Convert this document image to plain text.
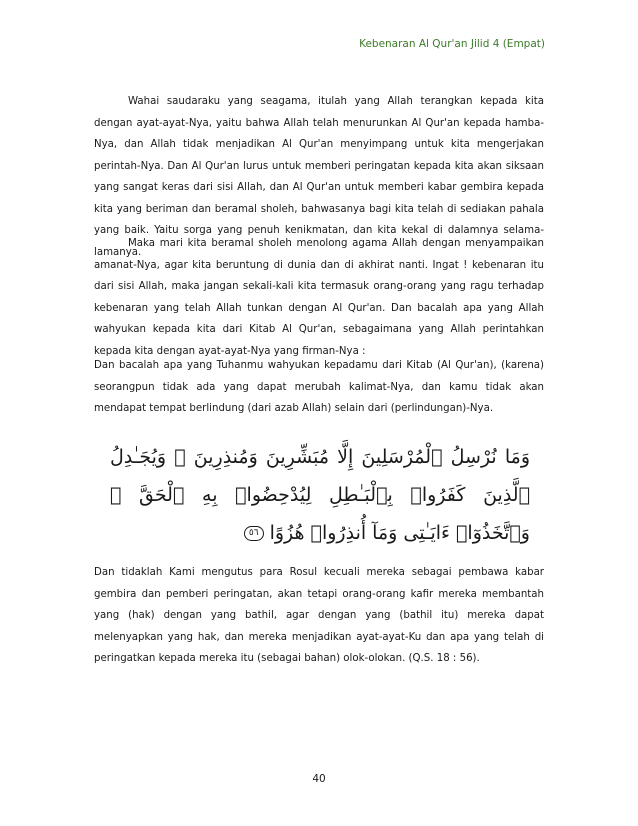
Kebenaran Al Qur'an Jilid 4 (Empat)

Wahai saudaraku yang seagama, itulah yang Allah terangkan kepada kita dengan ayat-ayat-Nya, yaitu bahwa Allah telah menurunkan Al Qur'an kepada hamba-Nya, dan Allah tidak menjadikan Al Qur'an menyimpang untuk kita mengerjakan perintah-Nya. Dan Al Qur'an lurus untuk memberi peringatan kepada kita akan siksaan yang sangat keras dari sisi Allah, dan Al Qur'an untuk memberi kabar gembira kepada kita yang beriman dan beramal sholeh, bahwasanya bagi kita telah di sediakan pahala yang baik. Yaitu sorga yang penuh kenikmatan, dan kita kekal di dalamnya selama-lamanya.

Maka mari kita beramal sholeh menolong agama Allah dengan menyampaikan amanat-Nya, agar kita beruntung di dunia dan di akhirat nanti. Ingat ! kebenaran itu dari sisi Allah, maka jangan sekali-kali kita termasuk orang-orang yang ragu terhadap kebenaran yang telah Allah tunkan dengan Al Qur'an. Dan bacalah apa yang Allah wahyukan kepada kita dari Kitab Al Qur'an, sebagaimana yang Allah perintahkan kepada kita dengan ayat-ayat-Nya yang firman-Nya :

Dan bacalah apa yang Tuhanmu wahyukan kepadamu dari Kitab (Al Qur'an), (karena) seorangpun tidak ada yang dapat merubah kalimat-Nya, dan kamu tidak akan mendapat tempat berlindung (dari azab Allah) selain dari (perlindungan)-Nya.

وَمَا نُرْسِلُ ٱلْمُرْسَلِينَ إِلَّا مُبَشِّرِينَ وَمُنذِرِينَ ۚ وَيُجَـٰدِلُ ٱلَّذِينَ كَفَرُوا۟ بِٱلْبَـٰطِلِ لِيُدْحِضُوا۟ بِهِ ٱلْحَقَّ ۖ وَٱتَّخَذُوٓا۟ ءَايَـٰتِى وَمَآ أُنذِرُوا۟ هُزُوًا٥٦

Dan tidaklah Kami mengutus para Rosul kecuali mereka sebagai pembawa kabar gembira dan pemberi peringatan, akan tetapi orang-orang kafir mereka membantah yang (hak) dengan yang bathil, agar dengan yang (bathil itu) mereka dapat melenyapkan yang hak, dan mereka menjadikan ayat-ayat-Ku dan apa yang telah di peringatkan kepada mereka itu (sebagai bahan) olok-olokan. (Q.S. 18 : 56).

40
